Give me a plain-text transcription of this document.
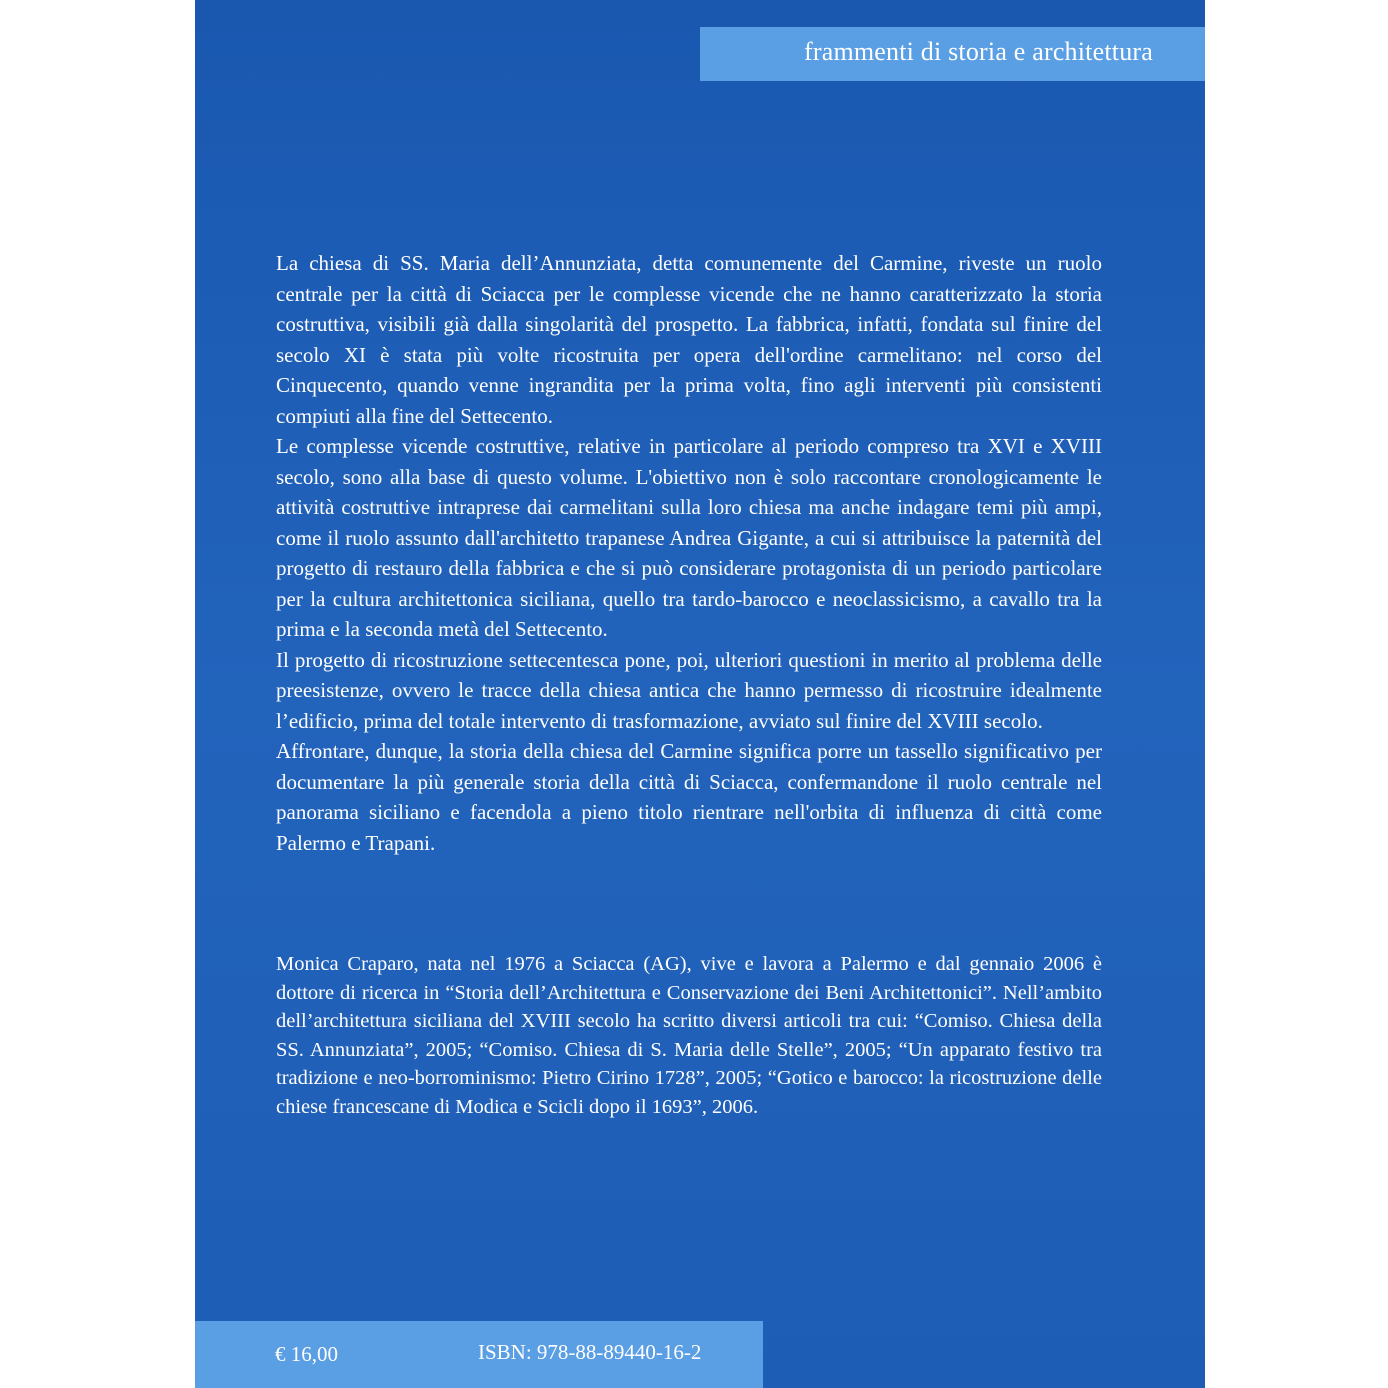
frammenti di storia e architettura

La chiesa di SS. Maria dell’Annunziata, detta comunemente del Carmine, riveste un ruolo centrale per la città di Sciacca per le complesse vicende che ne hanno caratterizzato la storia costruttiva, visibili già dalla singolarità del prospetto. La fabbrica, infatti, fondata sul finire del secolo XI è stata più volte ricostruita per opera dell'ordine carmelitano: nel corso del Cinquecento, quando venne ingrandita per la prima volta, fino agli interventi più consistenti compiuti alla fine del Settecento.

Le complesse vicende costruttive, relative in particolare al periodo compreso tra XVI e XVIII secolo, sono alla base di questo volume. L'obiettivo non è solo raccontare cronologicamente le attività costruttive intraprese dai carmelitani sulla loro chiesa ma anche indagare temi più ampi, come il ruolo assunto dall'architetto trapanese Andrea Gigante, a cui si attribuisce la paternità del progetto di restauro della fabbrica e che si può considerare protagonista di un periodo particolare per la cultura architettonica siciliana, quello tra tardo-barocco e neoclassicismo, a cavallo tra la prima e la seconda metà del Settecento.

Il progetto di ricostruzione settecentesca pone, poi, ulteriori questioni in merito al problema delle preesistenze, ovvero le tracce della chiesa antica che hanno permesso di ricostruire idealmente l’edificio, prima del totale intervento di trasformazione, avviato sul finire del XVIII secolo.

Affrontare, dunque, la storia della chiesa del Carmine significa porre un tassello significativo per documentare la più generale storia della città di Sciacca, confermandone il ruolo centrale nel panorama siciliano e facendola a pieno titolo rientrare nell'orbita di influenza di città come Palermo e Trapani.

Monica Craparo, nata nel 1976 a Sciacca (AG), vive e lavora a Palermo e dal gennaio 2006 è dottore di ricerca in “Storia dell’Architettura e Conservazione dei Beni Architettonici”. Nell’ambito dell’architettura siciliana del XVIII secolo ha scritto diversi articoli tra cui: “Comiso. Chiesa della SS. Annunziata”, 2005; “Comiso. Chiesa di S. Maria delle Stelle”, 2005; “Un apparato festivo tra tradizione e neo-borrominismo: Pietro Cirino 1728”, 2005; “Gotico e barocco: la ricostruzione delle chiese francescane di Modica e Scicli dopo il 1693”, 2006.

€ 16,00	ISBN: 978-88-89440-16-2
